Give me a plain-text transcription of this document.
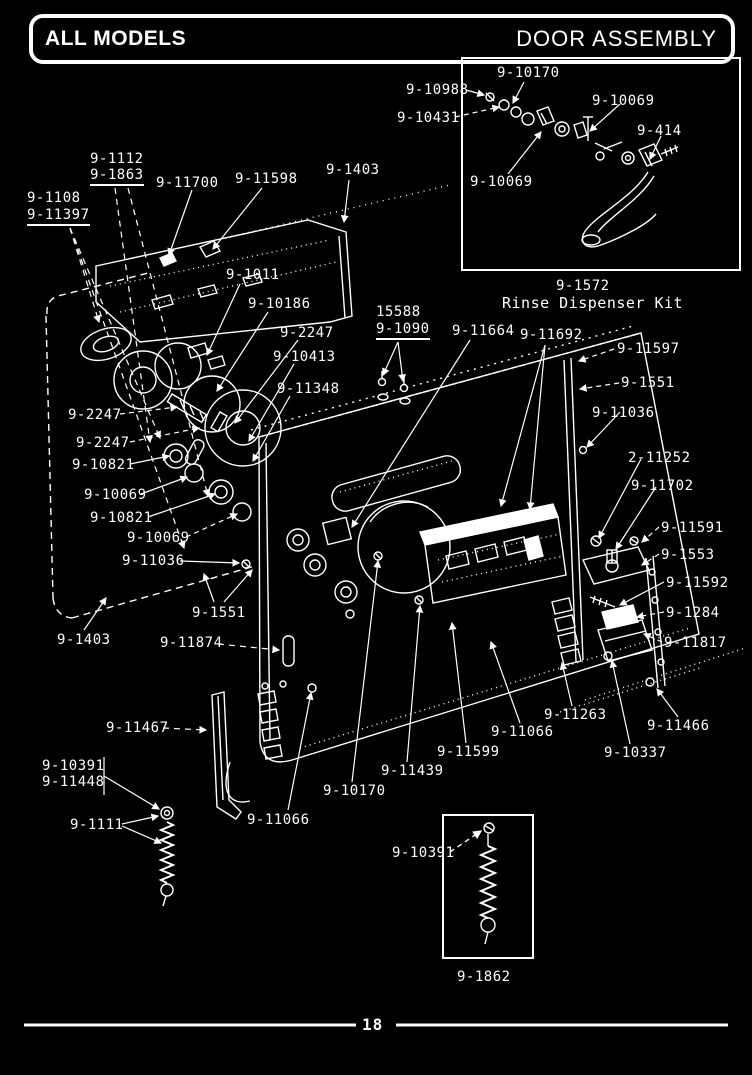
ALL MODELS	DOOR ASSEMBLY
9-10170
9-10988
9-10069
9-10431
9-414
9-10069
9-1572
Rinse Dispenser Kit
9-1112
9-1863 9-11700 9-11598
9-1403
9-1108
9-11397
9-1011
9-10186
9-2247
9-10413
9-11348
9-2247
9-2247
9-10821
9-10069
9-10821
9-10069
9-11036
9-1551
9-1403	9-11874
9-11467
9-10391
9-11448
9-1111	9-11066
15588
9-1090 9-11664 9-11692
9-11597
9-1551
9-11036
2-11252
9-11702
9-11591
9-1553
9-11592
9-1284
9-11817
9-11263
9-11066
9-11599
9-11466
9-10337
9-11439
9-10170
9-10391
9-1862
18
